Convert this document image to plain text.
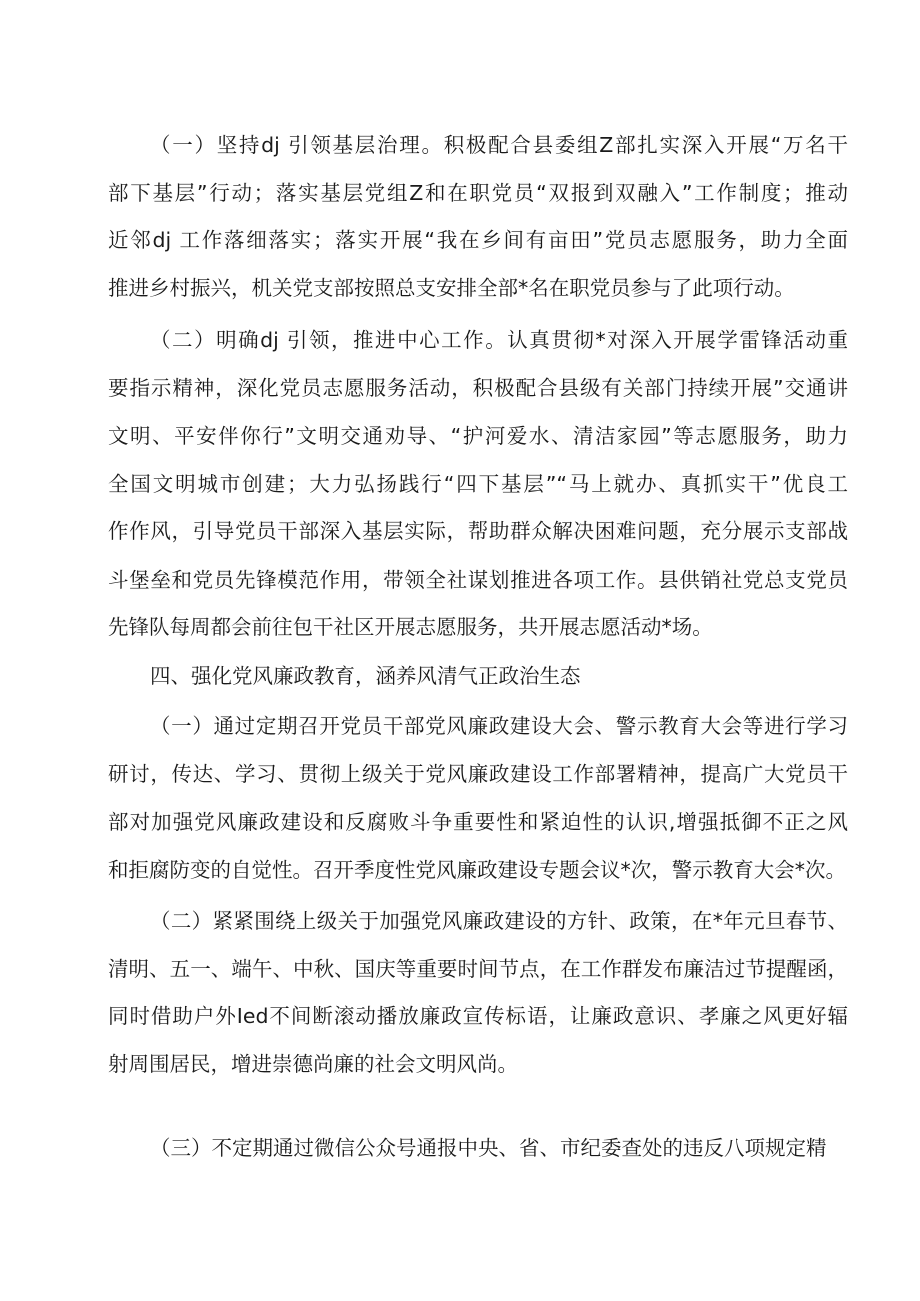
（一）坚持dj 引领基层治理。积极配合县委组Z部扎实深入开展“万名干
部下基层”行动；落实基层党组Z和在职党员“双报到双融入”工作制度；推动
近邻dj 工作落细落实；落实开展“我在乡间有亩田”党员志愿服务，助力全面
推进乡村振兴，机关党支部按照总支安排全部*名在职党员参与了此项行动。
（二）明确dj 引领，推进中心工作。认真贯彻*对深入开展学雷锋活动重
要指示精神，深化党员志愿服务活动，积极配合县级有关部门持续开展”交通讲
文明、平安伴你行”文明交通劝导、“护河爱水、清洁家园”等志愿服务，助力
全国文明城市创建；大力弘扬践行“四下基层”“马上就办、真抓实干”优良工
作作风，引导党员干部深入基层实际，帮助群众解决困难问题，充分展示支部战
斗堡垒和党员先锋模范作用，带领全社谋划推进各项工作。县供销社党总支党员
先锋队每周都会前往包干社区开展志愿服务，共开展志愿活动*场。
四、强化党风廉政教育，涵养风清气正政治生态
（一）通过定期召开党员干部党风廉政建设大会、警示教育大会等进行学习
研讨，传达、学习、贯彻上级关于党风廉政建设工作部署精神，提高广大党员干
部对加强党风廉政建设和反腐败斗争重要性和紧迫性的认识,增强抵御不正之风
和拒腐防变的自觉性。召开季度性党风廉政建设专题会议*次，警示教育大会*次。
（二）紧紧围绕上级关于加强党风廉政建设的方针、政策，在*年元旦春节、
清明、五一、端午、中秋、国庆等重要时间节点，在工作群发布廉洁过节提醒函，
同时借助户外Ied不间断滚动播放廉政宣传标语，让廉政意识、孝廉之风更好辐
射周围居民，增进崇德尚廉的社会文明风尚。
（三）不定期通过微信公众号通报中央、省、市纪委查处的违反八项规定精
